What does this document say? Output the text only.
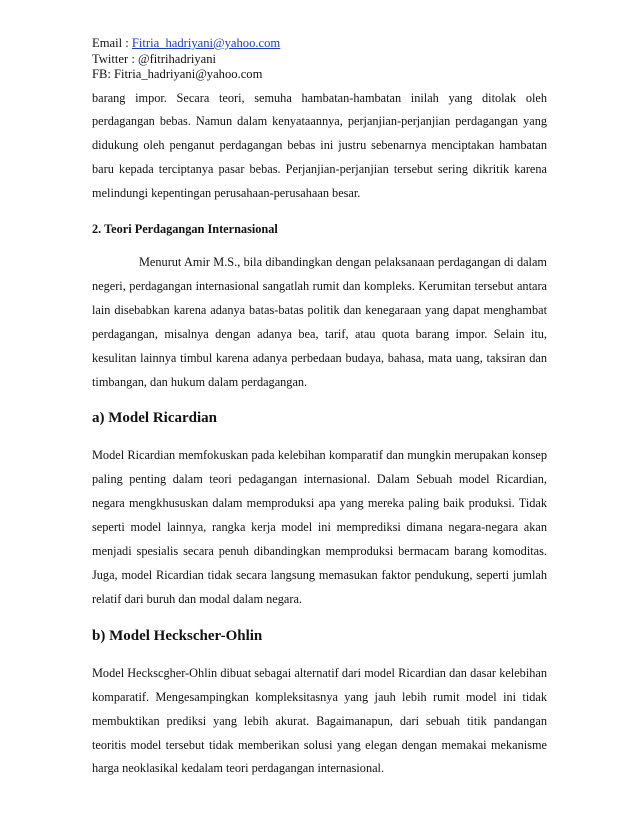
Email : Fitria_hadriyani@yahoo.com
Twitter : @fitrihadriyani
FB: Fitria_hadriyani@yahoo.com

barang impor. Secara teori, semuha hambatan-hambatan inilah yang ditolak oleh perdagangan bebas. Namun dalam kenyataannya, perjanjian-perjanjian perdagangan yang didukung oleh penganut perdagangan bebas ini justru sebenarnya menciptakan hambatan baru kepada terciptanya pasar bebas. Perjanjian-perjanjian tersebut sering dikritik karena melindungi kepentingan perusahaan-perusahaan besar.

2. Teori Perdagangan Internasional

Menurut Amir M.S., bila dibandingkan dengan pelaksanaan perdagangan di dalam negeri, perdagangan internasional sangatlah rumit dan kompleks. Kerumitan tersebut antara lain disebabkan karena adanya batas-batas politik dan kenegaraan yang dapat menghambat perdagangan, misalnya dengan adanya bea, tarif, atau quota barang impor. Selain itu, kesulitan lainnya timbul karena adanya perbedaan budaya, bahasa, mata uang, taksiran dan timbangan, dan hukum dalam perdagangan.

a) Model Ricardian

Model Ricardian memfokuskan pada kelebihan komparatif dan mungkin merupakan konsep paling penting dalam teori pedagangan internasional. Dalam Sebuah model Ricardian, negara mengkhususkan dalam memproduksi apa yang mereka paling baik produksi. Tidak seperti model lainnya, rangka kerja model ini memprediksi dimana negara-negara akan menjadi spesialis secara penuh dibandingkan memproduksi bermacam barang komoditas. Juga, model Ricardian tidak secara langsung memasukan faktor pendukung, seperti jumlah relatif dari buruh dan modal dalam negara.

b) Model Heckscher-Ohlin

Model Heckscgher-Ohlin dibuat sebagai alternatif dari model Ricardian dan dasar kelebihan komparatif. Mengesampingkan kompleksitasnya yang jauh lebih rumit model ini tidak membuktikan prediksi yang lebih akurat. Bagaimanapun, dari sebuah titik pandangan teoritis model tersebut tidak memberikan solusi yang elegan dengan memakai mekanisme harga neoklasikal kedalam teori perdagangan internasional.
